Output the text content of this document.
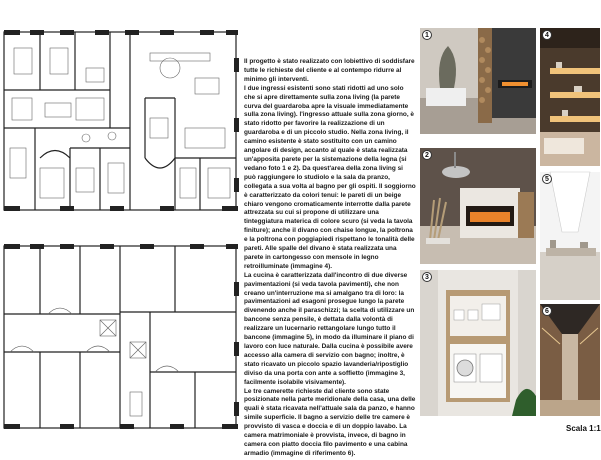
Il progetto è stato realizzato con lobiettivo di soddisfare tutte le richieste del cliente e al contempo ridurre al minimo gli interventi.

I due ingressi esistenti sono stati ridotti ad uno solo che si apre direttamente sulla zona living (la parete curva del guardaroba apre la visuale immediatamente sulla zona living). l'ingresso attuale sulla zona giorno, è stato ridotto per favorire la realizzazione di un guardaroba e di un piccolo studio. Nella zona living, il camino esistente è stato sostituito con un camino angolare di design, accanto al quale è stata realizzata un'apposita parete per la sistemazione della legna (si vedano foto 1 e 2). Da quest'area della zona living si può raggiungere lo studiolo e la sala da pranzo, collegata a sua volta al bagno per gli ospiti. Il soggiorno è caratterizzato da colori tenui: le pareti di un beige chiaro vengono cromaticamente interrotte dalla parete attrezzata su cui si propone di utilizzare una tinteggiatura materica di colore scuro (si veda la tavola finiture); anche il divano con chaise longue, la poltrona e la poltrona con poggiapiedi rispettano le tonalità delle pareti. Alle spalle del divano è stata realizzata una parete in cartongesso con mensole in legno retroilluminate (immagine 4).

La cucina è caratterizzata dall'incontro di due diverse pavimentazioni (si veda tavola pavimenti), che non creano un'interruzione ma si amalgano tra di loro: la pavimentazioni ad esagoni prosegue lungo la parete divenendo anche il paraschizzi; la scelta di utilizzare un bancone senza pensile, è dettata dalla volontà di realizzare un lucernario rettangolare lungo tutto il bancone (immagine 5), in modo da illuminare il piano di lavoro con luce naturale. Dalla cucina è possibile avere accesso alla camera di servizio con bagno; inoltre, è stato ricavato un piccolo spazio lavanderia/ripostiglio diviso da una porta con ante a soffietto (immagine 3, facilmente isolabile visivamente).

Le tre camerette richieste dal cliente sono state posizionate nella parte meridionale della casa, una delle quali è stata ricavata nell'attuale sala da panzo, e hanno simile superficie. Il bagno a servizio delle tre camere è provvisto di vasca e doccia e di un doppio lavabo. La camera matrimoniale è provvista, invece, di bagno in camera con piatto doccia filo pavimento e una cabina armadio (immagine di riferimento 6).

1
2
3
4
5
6
Scala 1:1
